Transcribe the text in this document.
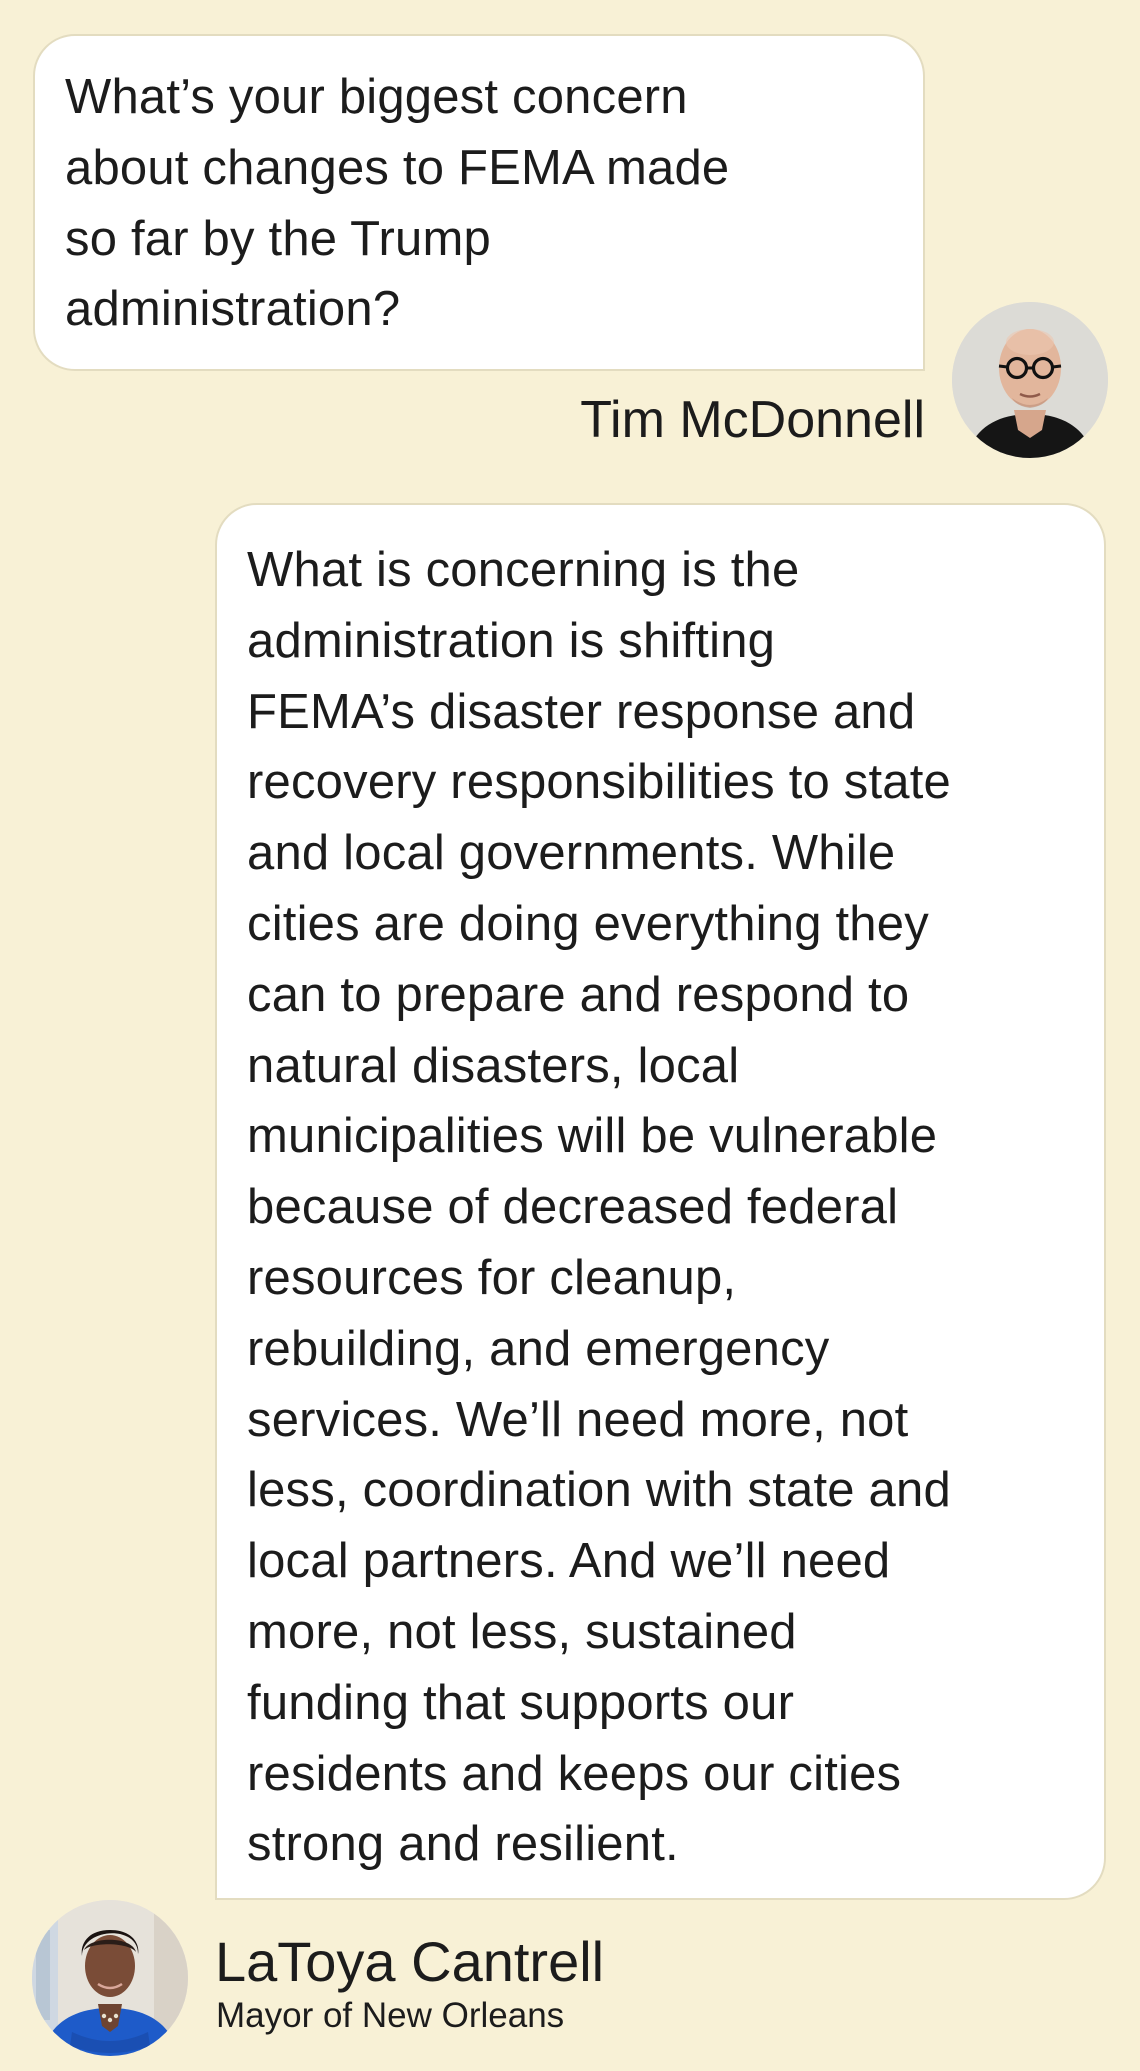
What’s your biggest concern

about changes to FEMA made

so far by the Trump

administration?

Tim McDonnell

What is concerning is the

administration is shifting

FEMA’s disaster response and

recovery responsibilities to state

and local governments. While

cities are doing everything they

can to prepare and respond to

natural disasters, local

municipalities will be vulnerable

because of decreased federal

resources for cleanup,

rebuilding, and emergency

services. We’ll need more, not

less, coordination with state and

local partners. And we’ll need

more, not less, sustained

funding that supports our

residents and keeps our cities

strong and resilient.

LaToya Cantrell
Mayor of New Orleans
